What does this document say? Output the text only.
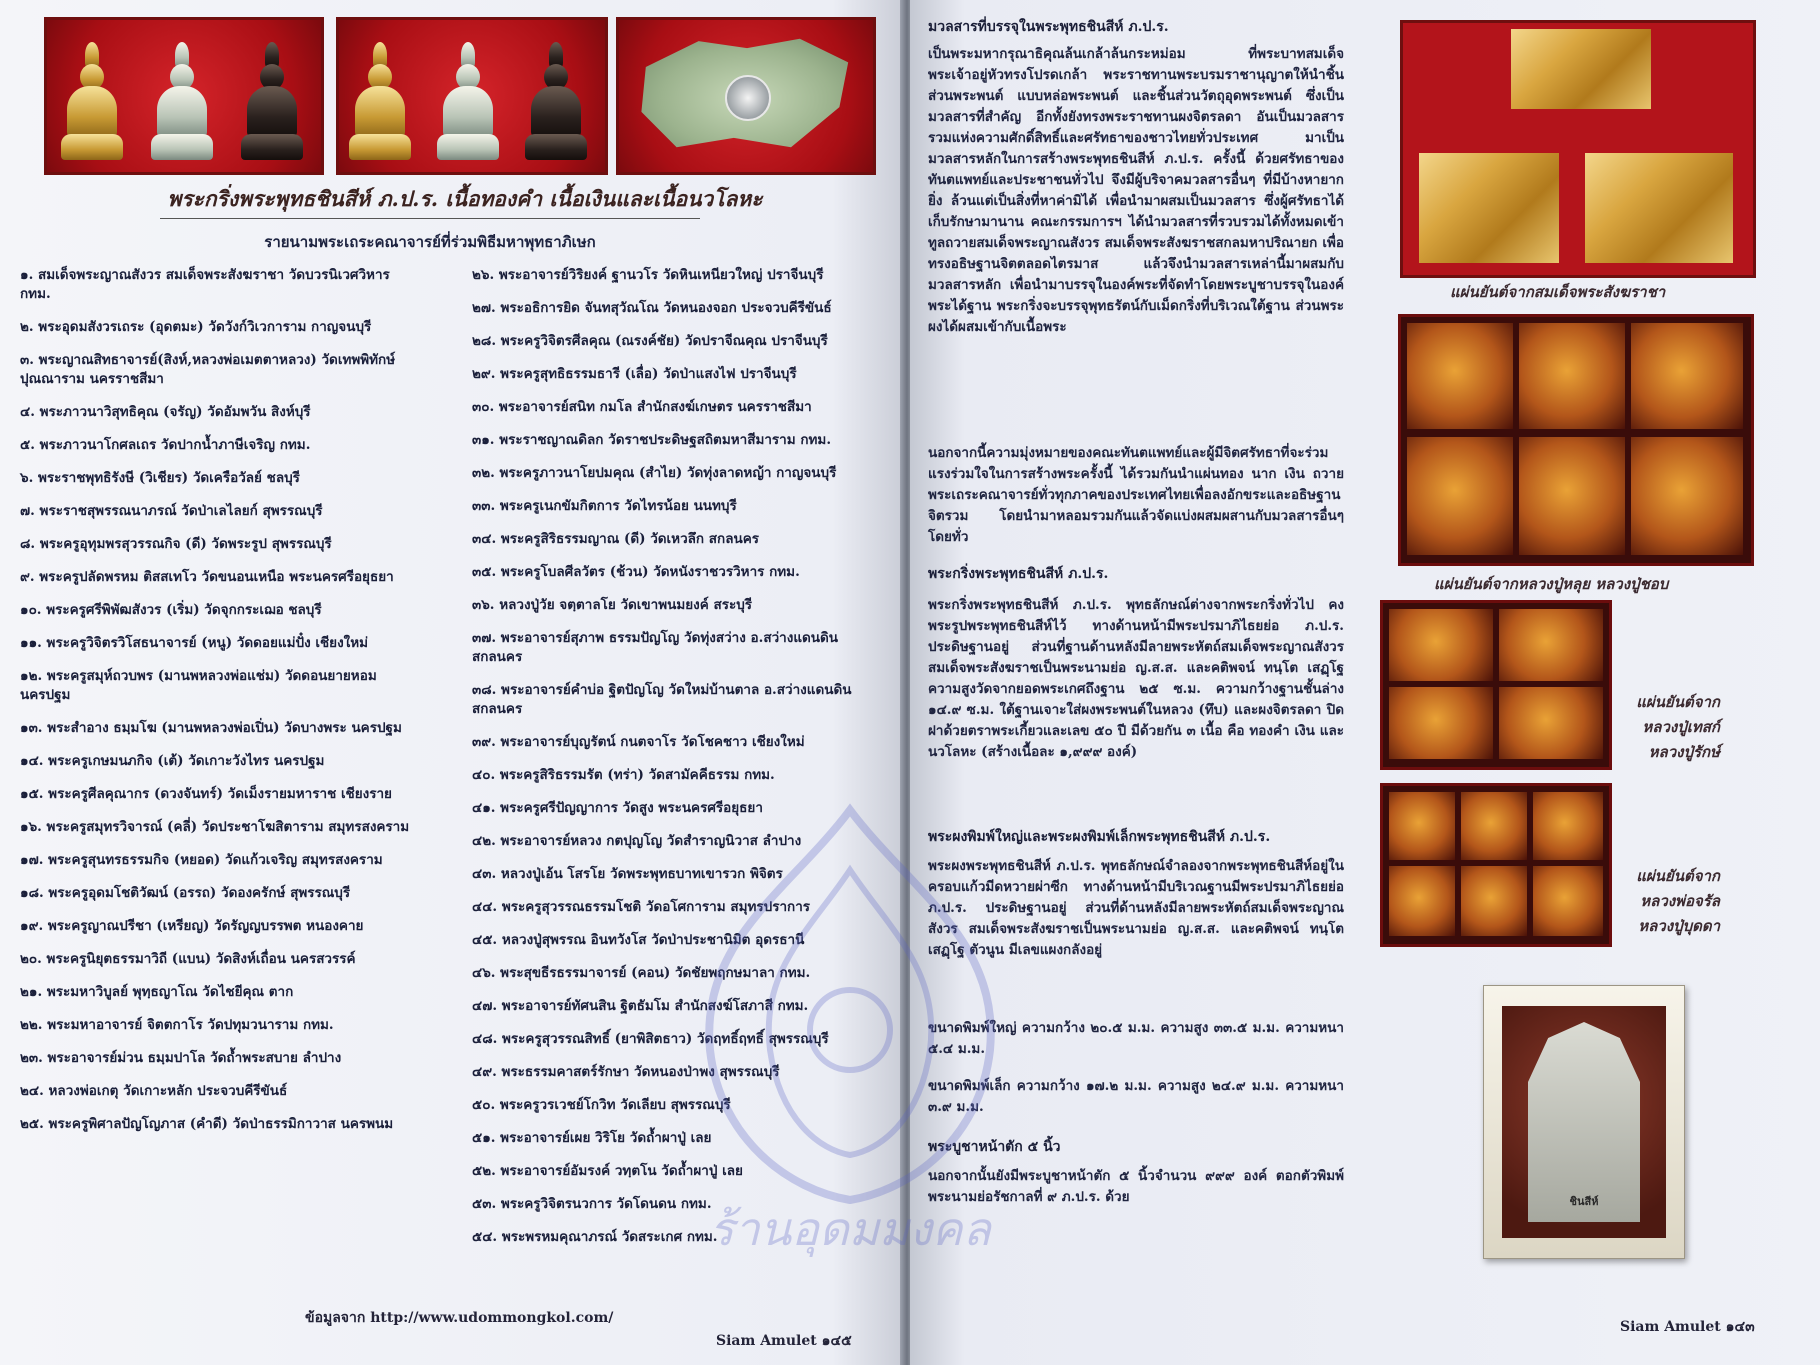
พระกริ่งพระพุทธชินสีห์ ภ.ป.ร. เนื้อทองคำ เนื้อเงินและเนื้อนวโลหะ
รายนามพระเถระคณาจารย์ที่ร่วมพิธีมหาพุทธาภิเษก
๑. สมเด็จพระญาณสังวร สมเด็จพระสังฆราชา วัดบวรนิเวศวิหาร กทม.
๒. พระอุดมสังวรเถระ (อุดตมะ) วัดวังก์วิเวการาม กาญจนบุรี
๓. พระญาณสิทธาจารย์(สิงห์,หลวงพ่อเมตตาหลวง) วัดเทพพิทักษ์ปุณณาราม นครราชสีมา
๔. พระภาวนาวิสุทธิคุณ (จรัญ) วัดอัมพวัน สิงห์บุรี
๕. พระภาวนาโกศลเถร วัดปากน้ำภาษีเจริญ กทม.
๖. พระราชพุทธิรังษี (วิเชียร) วัดเครือวัลย์ ชลบุรี
๗. พระราชสุพรรณนาภรณ์ วัดป่าเลไลยก์ สุพรรณบุรี
๘. พระครูอุทุมพรสุวรรณกิจ (ดี) วัดพระรูป สุพรรณบุรี
๙. พระครูปลัดพรหม ติสสเทโว วัดขนอนเหนือ พระนครศรีอยุธยา
๑๐. พระครูศรีพิพัฒสังวร (เริ่ม) วัดจุกกระเฌอ ชลบุรี
๑๑. พระครูวิจิตรวิโสธนาจารย์ (หนู) วัดดอยแม่ปั๋ง เชียงใหม่
๑๒. พระครูสมุห์ถวบพร (มานพหลวงพ่อแช่ม) วัดดอนยายหอม นครปฐม
๑๓. พระสำอาง ธมฺมโฆ (มานพหลวงพ่อเปิ่น) วัดบางพระ นครปฐม
๑๔. พระครูเกษมนภกิจ (เต้) วัดเกาะวังไทร นครปฐม
๑๕. พระครูศีลคุณากร (ดวงจันทร์) วัดเม็งรายมหาราช เชียงราย
๑๖. พระครูสมุทรวิจารณ์ (คลี่) วัดประชาโฆสิตาราม สมุทรสงคราม
๑๗. พระครูสุนทรธรรมกิจ (หยอด) วัดแก้วเจริญ สมุทรสงคราม
๑๘. พระครูอุดมโชติวัฒน์ (อรรถ) วัดองครักษ์ สุพรรณบุรี
๑๙. พระครูญาณปรีชา (เหรียญ) วัดรัญญบรรพต หนองคาย
๒๐. พระครูนิยุตธรรมาวิถี (แบน) วัดสิงห์เถื่อน นครสวรรค์
๒๑. พระมหาวิบูลย์ พุทฺธญาโณ วัดไชยีคุณ ตาก
๒๒. พระมหาอาจารย์ จิตตกาโร วัดปทุมวนาราม กทม.
๒๓. พระอาจารย์ม่วน ธมฺมปาโล วัดถ้ำพระสบาย ลำปาง
๒๔. หลวงพ่อเกตุ วัดเกาะหลัก ประจวบคีรีขันธ์
๒๕. พระครูพิศาลปัญโญภาส (คำดี) วัดป่าธรรมิกาวาส นครพนม
๒๖. พระอาจารย์วิริยงค์ ฐานวโร วัดหินเหนียวใหญ่ ปราจีนบุรี
๒๗. พระอธิการยิด จันทสุวัณโณ วัดหนองจอก ประจวบคีรีขันธ์
๒๘. พระครูวิจิตรศีลคุณ (ณรงค์ชัย) วัดปราจีณคุณ ปราจีนบุรี
๒๙. พระครูสุทธิธรรมธารี (เลื่อ) วัดป่าแสงไฟ ปราจีนบุรี
๓๐. พระอาจารย์สนิท กมโล สำนักสงฆ์เกษตร นครราชสีมา
๓๑. พระราชญาณดิลก วัดราชประดิษฐสถิตมหาสีมาราม กทม.
๓๒. พระครูภาวนาโยปมคุณ (สำไย) วัดทุ่งลาดหญ้า กาญจนบุรี
๓๓. พระครูเนกขัมกิตการ วัดไทรน้อย นนทบุรี
๓๔. พระครูสิริธรรมญาณ (ดี) วัดเหวลึก สกลนคร
๓๕. พระครูโบลศีลวัตร (ช้วน) วัดหนังราชวรวิหาร กทม.
๓๖. หลวงปู่วัย จตฺตาลโย วัดเขาพนมยงค์ สระบุรี
๓๗. พระอาจารย์สุภาพ ธรรมปัญโญ วัดทุ่งสว่าง อ.สว่างแดนดิน สกลนคร
๓๘. พระอาจารย์คำบ่อ ฐิตปัญโญ วัดใหม่บ้านตาล อ.สว่างแดนดิน สกลนคร
๓๙. พระอาจารย์บุญรัตน์ กนตจาโร วัดโชคชาว เชียงใหม่
๔๐. พระครูสิริธรรมรัต (ทร่า) วัดสามัคคีธรรม กทม.
๔๑. พระครูศรีปัญญาการ วัดสูง พระนครศรีอยุธยา
๔๒. พระอาจารย์หลวง กตปุญโญ วัดสำราญนิวาส ลำปาง
๔๓. หลวงปู่เอ้น โสรโย วัดพระพุทธบาทเขารวก พิจิตร
๔๔. พระครูสุวรรณธรรมโชติ วัดอโศการาม สมุทรปราการ
๔๕. หลวงปู่สุพรรณ อินทวังโส วัดป่าประชานิมิต อุดรธานี
๔๖. พระสุขธีรธรรมาจารย์ (คอน) วัดชัยพฤกษมาลา กทม.
๔๗. พระอาจารย์ทัศนสิน ฐิตธัมโม สำนักสงฆ์โสภาสี กทม.
๔๘. พระครูสุวรรณสิทธิ์ (ยาพิสิตธาว) วัดฤทธิ์ฤทธิ์ สุพรรณบุรี
๔๙. พระธรรมคาสตร์รักษา วัดหนองป่าพง สุพรรณบุรี
๕๐. พระครูวรเวชย์โกวิท วัดเลียบ สุพรรณบุรี
๕๑. พระอาจารย์เผย วิริโย วัดถ้ำผาปู่ เลย
๕๒. พระอาจารย์อัมรงค์ วทฺตโน วัดถ้ำผาปู่ เลย
๕๓. พระครูวิจิตรนวการ วัดโดนดน กทม.
๕๔. พระพรหมคุณาภรณ์ วัดสระเกศ กทม.
ข้อมูลจาก http://www.udommongkol.com/
Siam Amulet ๑๔๕
มวลสารที่บรรจุในพระพุทธชินสีห์ ภ.ป.ร.
เป็นพระมหากรุณาธิคุณล้นเกล้าล้นกระหม่อม ที่พระบาทสมเด็จพระเจ้าอยู่หัวทรงโปรดเกล้า พระราชทานพระบรมราชานุญาตให้นำชิ้นส่วนพระพนต์ แบบหล่อพระพนต์ และชิ้นส่วนวัตถุอุดพระพนต์ ซึ่งเป็นมวลสารที่สำคัญ อีกทั้งยังทรงพระราชทานผงจิตรลดา อันเป็นมวลสารรวมแห่งความศักดิ์สิทธิ์และศรัทธาของชาวไทยทั่วประเทศ มาเป็นมวลสารหลักในการสร้างพระพุทธชินสีห์ ภ.ป.ร. ครั้งนี้ ด้วยศรัทธาของทันตแพทย์และประชาชนทั่วไป จึงมีผู้บริจาคมวลสารอื่นๆ ที่มีบ้างหายากยิ่ง ล้วนแต่เป็นสิ่งที่หาค่ามิได้ เพื่อนำมาผสมเป็นมวลสาร ซึ่งผู้ศรัทธาได้เก็บรักษามานาน คณะกรรมการฯ ได้นำมวลสารที่รวบรวมได้ทั้งหมดเข้าทูลถวายสมเด็จพระญาณสังวร สมเด็จพระสังฆราชสกลมหาปริณายก เพื่อทรงอธิษฐานจิตตลอดไตรมาส แล้วจึงนำมวลสารเหล่านี้มาผสมกับมวลสารหลัก เพื่อนำมาบรรจุในองค์พระที่จัดทำโดยพระบูชาบรรจุในองค์พระได้ฐาน พระกริ่งจะบรรจุพุทธรัตน์กับเม็ดกริ่งที่บริเวณใต้ฐาน ส่วนพระผงได้ผสมเข้ากับเนื้อพระ
นอกจากนี้ความมุ่งหมายของคณะทันตแพทย์และผู้มีจิตศรัทธาที่จะร่วมแรงร่วมใจในการสร้างพระครั้งนี้ ได้รวมกันนำแผ่นทอง นาก เงิน ถวายพระเถระคณาจารย์ทั่วทุกภาคของประเทศไทยเพื่อลงอักขระและอธิษฐานจิตรวม โดยนำมาหลอมรวมกันแล้วจัดแบ่งผสมผสานกับมวลสารอื่นๆ โดยทั่ว
พระกริ่งพระพุทธชินสีห์ ภ.ป.ร.
พระกริ่งพระพุทธชินสีห์ ภ.ป.ร. พุทธลักษณ์ต่างจากพระกริ่งทั่วไป คงพระรูปพระพุทธชินสีห์ไว้ ทางด้านหน้ามีพระปรมาภิไธยย่อ ภ.ป.ร. ประดิษฐานอยู่ ส่วนที่ฐานด้านหลังมีลายพระหัตถ์สมเด็จพระญาณสังวร สมเด็จพระสังฆราชเป็นพระนามย่อ ญ.ส.ส. และคติพจน์ ทนฺโต เสฏฺโฐ ความสูงวัดจากยอดพระเกศถึงฐาน ๒๕ ซ.ม. ความกว้างฐานชั้นล่าง ๑๔.๙ ซ.ม. ใต้ฐานเจาะใส่ผงพระพนต์ในหลวง (ทึบ) และผงจิตรลดา ปิดฝาด้วยตราพระเกี้ยวและเลข ๕๐ ปี มีด้วยกัน ๓ เนื้อ คือ ทองคำ เงิน และนวโลหะ (สร้างเนื้อละ ๑,๙๙๙ องค์)
พระผงพิมพ์ใหญ่และพระผงพิมพ์เล็กพระพุทธชินสีห์ ภ.ป.ร.
พระผงพระพุทธชินสีห์ ภ.ป.ร. พุทธลักษณ์จำลองจากพระพุทธชินสีห์อยู่ในครอบแก้วมีดหวายผ่าซีก ทางด้านหน้ามีบริเวณฐานมีพระปรมาภิไธยย่อ ภ.ป.ร. ประดิษฐานอยู่ ส่วนที่ด้านหลังมีลายพระหัตถ์สมเด็จพระญาณสังวร สมเด็จพระสังฆราชเป็นพระนามย่อ ญ.ส.ส. และคติพจน์ ทนฺโต เสฏฺโฐ ตัวนูน มีเลขแผงกลังอยู่
ขนาดพิมพ์ใหญ่ ความกว้าง ๒๐.๕ ม.ม. ความสูง ๓๓.๕ ม.ม. ความหนา ๕.๔ ม.ม.
ขนาดพิมพ์เล็ก ความกว้าง ๑๗.๒ ม.ม. ความสูง ๒๔.๙ ม.ม. ความหนา ๓.๙ ม.ม.
พระบูชาหน้าตัก ๕ นิ้ว
นอกจากนั้นยังมีพระบูชาหน้าตัก ๕ นิ้วจำนวน ๙๙๙ องค์ ตอกตัวพิมพ์พระนามย่อรัชกาลที่ ๙ ภ.ป.ร. ด้วย
แผ่นยันต์จากสมเด็จพระสังฆราชา
แผ่นยันต์จากหลวงปู่หลุย หลวงปู่ชอบ
แผ่นยันต์จาก
หลวงปู่เทสก์
หลวงปู่รักษ์
แผ่นยันต์จาก
หลวงพ่อจรัล
หลวงปู่บุดดา
ชินสีห์
Siam Amulet ๑๔๓
ร้านอุดมมงคล
